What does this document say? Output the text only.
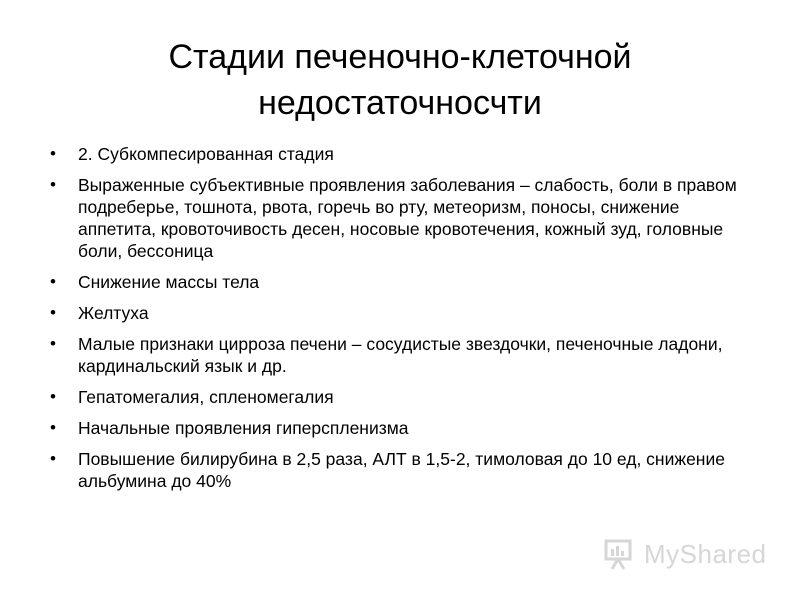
Стадии печеночно-клеточной
недостаточносчти
• 2. Субкомпесированная стадия
• Выраженные субъективные проявления заболевания – слабость, боли в правом подреберье, тошнота, рвота, горечь во рту, метеоризм, поносы, снижение аппетита, кровоточивость десен, носовые кровотечения, кожный зуд, головные боли, бессоница
• Снижение массы тела
• Желтуха
• Малые признаки цирроза печени – сосудистые звездочки, печеночные ладони, кардинальский язык и др.
• Гепатомегалия, спленомегалия
• Начальные проявления гиперспленизма
• Повышение билирубина в 2,5 раза, АЛТ в 1,5-2, тимоловая до 10 ед, снижение альбумина до 40%
MyShared
